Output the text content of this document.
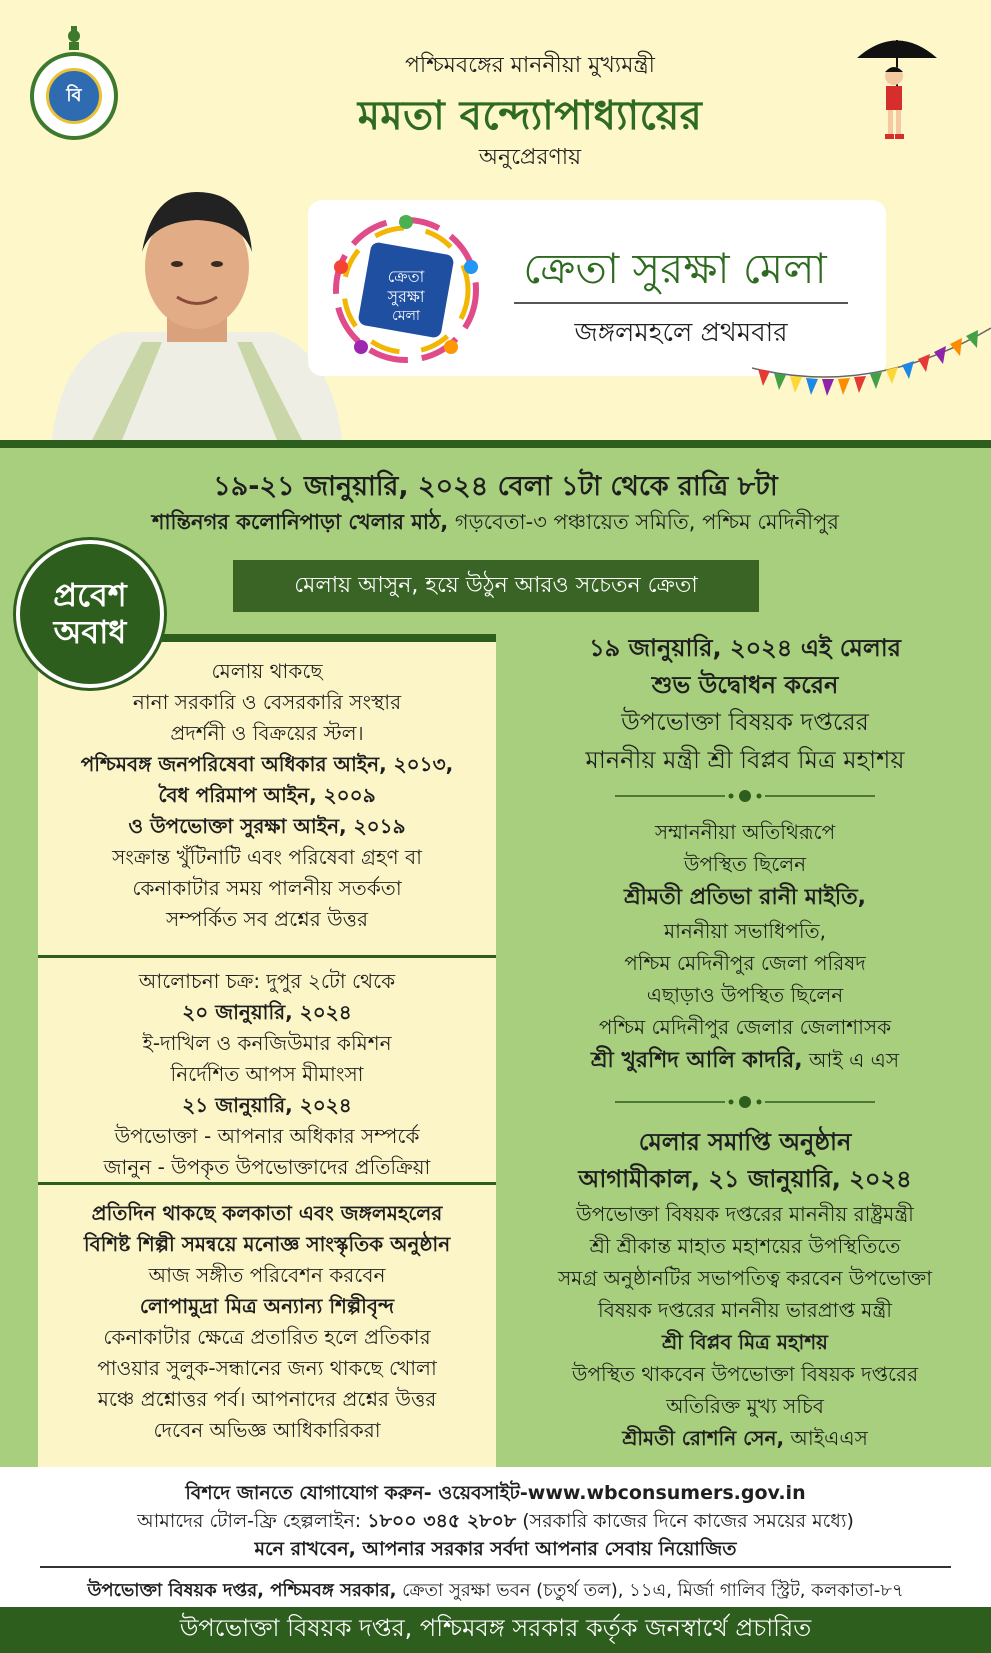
বি
পশ্চিমবঙ্গের মাননীয়া মুখ্যমন্ত্রী
মমতা বন্দ্যোপাধ্যায়ের
অনুপ্রেরণায়
ক্রেতা
সুরক্ষা
মেলা
ক্রেতা সুরক্ষা মেলা
জঙ্গলমহলে প্রথমবার
১৯-২১ জানুয়ারি, ২০২৪ বেলা ১টা থেকে রাত্রি ৮টা
শান্তিনগর কলোনিপাড়া খেলার মাঠ, গড়বেতা-৩ পঞ্চায়েত সমিতি, পশ্চিম মেদিনীপুর
মেলায় আসুন, হয়ে উঠুন আরও সচেতন ক্রেতা
প্রবেশ
অবাধ
মেলায় থাকছে
নানা সরকারি ও বেসরকারি সংস্থার
প্রদর্শনী ও বিক্রয়ের স্টল।
পশ্চিমবঙ্গ জনপরিষেবা অধিকার আইন, ২০১৩,
বৈধ পরিমাপ আইন, ২০০৯
ও উপভোক্তা সুরক্ষা আইন, ২০১৯
সংক্রান্ত খুঁটিনাটি এবং পরিষেবা গ্রহণ বা
কেনাকাটার সময় পালনীয় সতর্কতা
সম্পর্কিত সব প্রশ্নের উত্তর
আলোচনা চক্র: দুপুর ২টো থেকে
২০ জানুয়ারি, ২০২৪
ই-দাখিল ও কনজিউমার কমিশন
নির্দেশিত আপস মীমাংসা
২১ জানুয়ারি, ২০২৪
উপভোক্তা - আপনার অধিকার সম্পর্কে
জানুন - উপকৃত উপভোক্তাদের প্রতিক্রিয়া
প্রতিদিন থাকছে কলকাতা এবং জঙ্গলমহলের
বিশিষ্ট শিল্পী সমন্বয়ে মনোজ্ঞ সাংস্কৃতিক অনুষ্ঠান
আজ সঙ্গীত পরিবেশন করবেন
লোপামুদ্রা মিত্র অন্যান্য শিল্পীবৃন্দ
কেনাকাটার ক্ষেত্রে প্রতারিত হলে প্রতিকার
পাওয়ার সুলুক-সন্ধানের জন্য থাকছে খোলা
মঞ্চে প্রশ্নোত্তর পর্ব। আপনাদের প্রশ্নের উত্তর
দেবেন অভিজ্ঞ আধিকারিকরা
১৯ জানুয়ারি, ২০২৪ এই মেলার
শুভ উদ্বোধন করেন
উপভোক্তা বিষয়ক দপ্তরের
মাননীয় মন্ত্রী শ্রী বিপ্লব মিত্র মহাশয়
সম্মাননীয়া অতিথিরূপে
উপস্থিত ছিলেন
শ্রীমতী প্রতিভা রানী মাইতি,
মাননীয়া সভাধিপতি,
পশ্চিম মেদিনীপুর জেলা পরিষদ
এছাড়াও উপস্থিত ছিলেন
পশ্চিম মেদিনীপুর জেলার জেলাশাসক
শ্রী খুরশিদ আলি কাদরি, আই এ এস
মেলার সমাপ্তি অনুষ্ঠান
আগামীকাল, ২১ জানুয়ারি, ২০২৪
উপভোক্তা বিষয়ক দপ্তরের মাননীয় রাষ্ট্রমন্ত্রী
শ্রী শ্রীকান্ত মাহাত মহাশয়ের উপস্থিতিতে
সমগ্র অনুষ্ঠানটির সভাপতিত্ব করবেন উপভোক্তা
বিষয়ক দপ্তরের মাননীয় ভারপ্রাপ্ত মন্ত্রী
শ্রী বিপ্লব মিত্র মহাশয়
উপস্থিত থাকবেন উপভোক্তা বিষয়ক দপ্তরের
অতিরিক্ত মুখ্য সচিব
শ্রীমতী রোশনি সেন, আইএএস
বিশদে জানতে যোগাযোগ করুন- ওয়েবসাইট-www.wbconsumers.gov.in
আমাদের টোল-ফ্রি হেল্পলাইন: ১৮০০ ৩৪৫ ২৮০৮ (সরকারি কাজের দিনে কাজের সময়ের মধ্যে)
মনে রাখবেন, আপনার সরকার সর্বদা আপনার সেবায় নিয়োজিত
উপভোক্তা বিষয়ক দপ্তর, পশ্চিমবঙ্গ সরকার, ক্রেতা সুরক্ষা ভবন (চতুর্থ তল), ১১এ, মির্জা গালিব স্ট্রিট, কলকাতা-৮৭
উপভোক্তা বিষয়ক দপ্তর, পশ্চিমবঙ্গ সরকার কর্তৃক জনস্বার্থে প্রচারিত
